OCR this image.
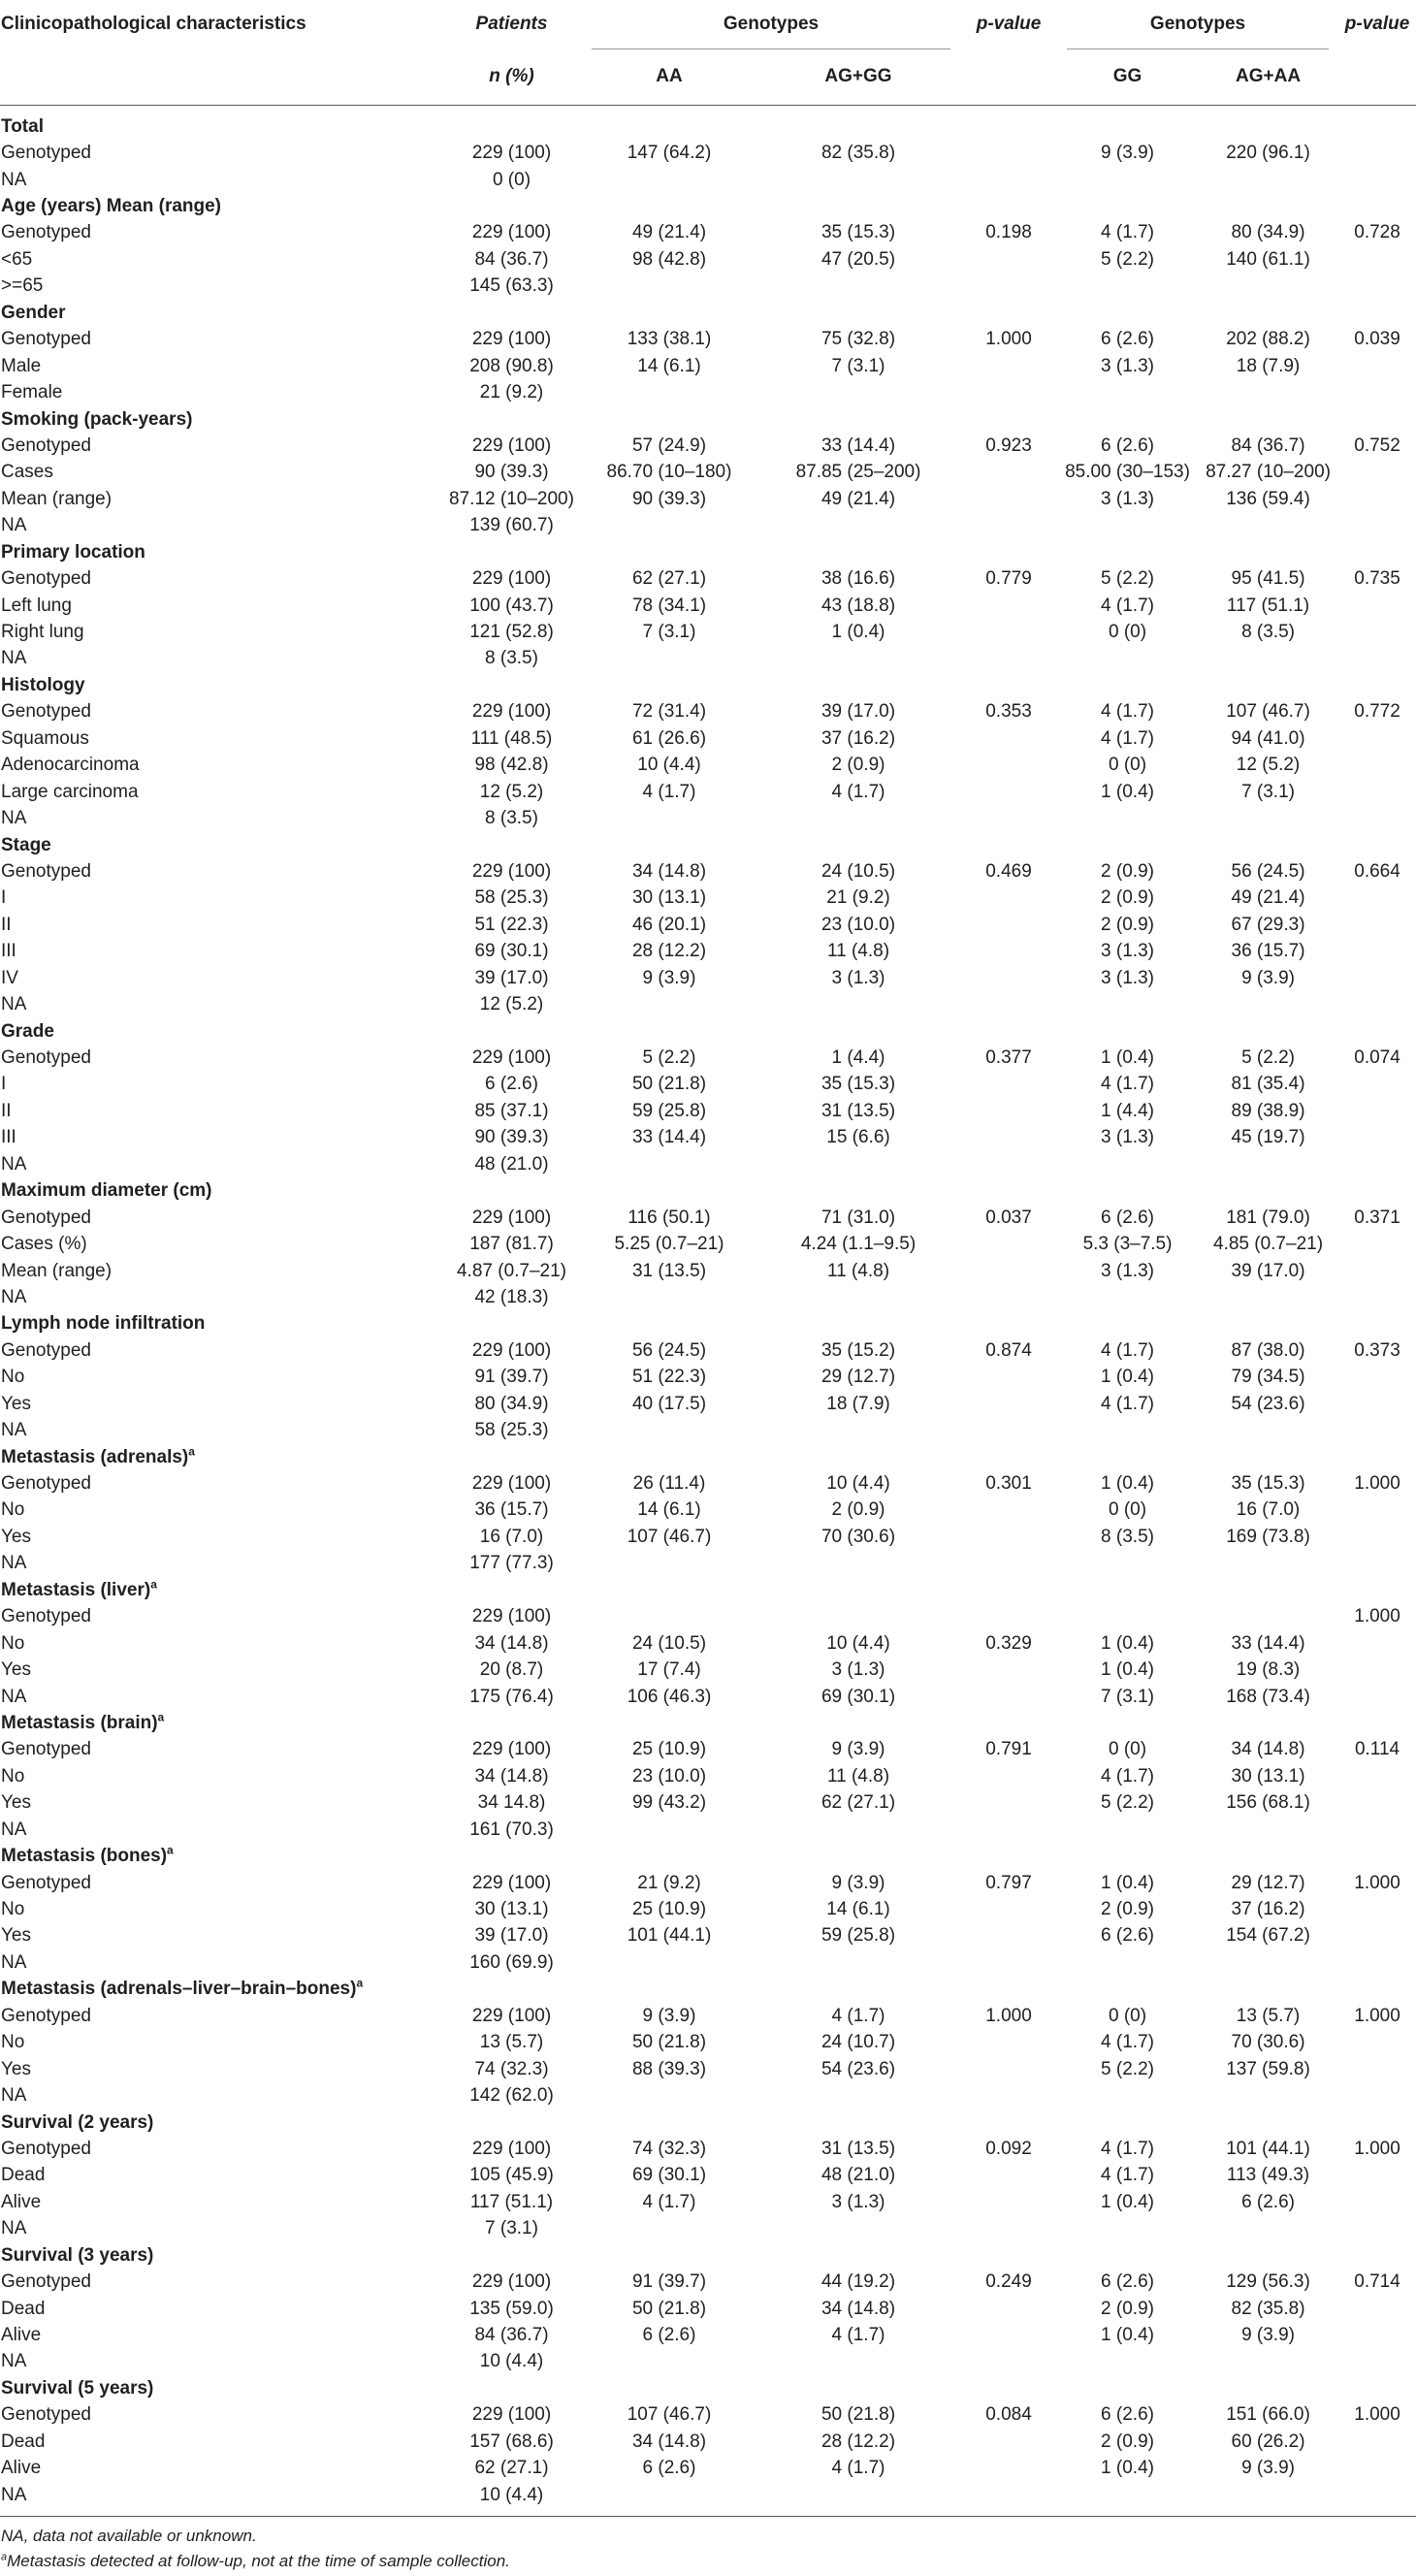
Clinicopathological characteristics	Patients	Genotypes		p-value	Genotypes		p-value
	n (%)	AA	AG+GG		GG	AG+AA	
Total							
Genotyped	229 (100)	147 (64.2)	82 (35.8)		9 (3.9)	220 (96.1)	
NA	0 (0)						
Age (years) Mean (range)							
Genotyped	229 (100)	49 (21.4)	35 (15.3)	0.198	4 (1.7)	80 (34.9)	0.728
<65	84 (36.7)	98 (42.8)	47 (20.5)		5 (2.2)	140 (61.1)	
>=65	145 (63.3)						
Gender							
Genotyped	229 (100)	133 (38.1)	75 (32.8)	1.000	6 (2.6)	202 (88.2)	0.039
Male	208 (90.8)	14 (6.1)	7 (3.1)		3 (1.3)	18 (7.9)	
Female	21 (9.2)						
Smoking (pack-years)							
Genotyped	229 (100)	57 (24.9)	33 (14.4)	0.923	6 (2.6)	84 (36.7)	0.752
Cases	90 (39.3)	86.70 (10–180)	87.85 (25–200)		85.00 (30–153)	87.27 (10–200)	
Mean (range)	87.12 (10–200)	90 (39.3)	49 (21.4)		3 (1.3)	136 (59.4)	
NA	139 (60.7)						
Primary location							
Genotyped	229 (100)	62 (27.1)	38 (16.6)	0.779	5 (2.2)	95 (41.5)	0.735
Left lung	100 (43.7)	78 (34.1)	43 (18.8)		4 (1.7)	117 (51.1)	
Right lung	121 (52.8)	7 (3.1)	1 (0.4)		0 (0)	8 (3.5)	
NA	8 (3.5)						
Histology							
Genotyped	229 (100)	72 (31.4)	39 (17.0)	0.353	4 (1.7)	107 (46.7)	0.772
Squamous	111 (48.5)	61 (26.6)	37 (16.2)		4 (1.7)	94 (41.0)	
Adenocarcinoma	98 (42.8)	10 (4.4)	2 (0.9)		0 (0)	12 (5.2)	
Large carcinoma	12 (5.2)	4 (1.7)	4 (1.7)		1 (0.4)	7 (3.1)	
NA	8 (3.5)						
Stage							
Genotyped	229 (100)	34 (14.8)	24 (10.5)	0.469	2 (0.9)	56 (24.5)	0.664
I	58 (25.3)	30 (13.1)	21 (9.2)		2 (0.9)	49 (21.4)	
II	51 (22.3)	46 (20.1)	23 (10.0)		2 (0.9)	67 (29.3)	
III	69 (30.1)	28 (12.2)	11 (4.8)		3 (1.3)	36 (15.7)	
IV	39 (17.0)	9 (3.9)	3 (1.3)		3 (1.3)	9 (3.9)	
NA	12 (5.2)						
Grade							
Genotyped	229 (100)	5 (2.2)	1 (4.4)	0.377	1 (0.4)	5 (2.2)	0.074
I	6 (2.6)	50 (21.8)	35 (15.3)		4 (1.7)	81 (35.4)	
II	85 (37.1)	59 (25.8)	31 (13.5)		1 (4.4)	89 (38.9)	
III	90 (39.3)	33 (14.4)	15 (6.6)		3 (1.3)	45 (19.7)	
NA	48 (21.0)						
Maximum diameter (cm)							
Genotyped	229 (100)	116 (50.1)	71 (31.0)	0.037	6 (2.6)	181 (79.0)	0.371
Cases (%)	187 (81.7)	5.25 (0.7–21)	4.24 (1.1–9.5)		5.3 (3–7.5)	4.85 (0.7–21)	
Mean (range)	4.87 (0.7–21)	31 (13.5)	11 (4.8)		3 (1.3)	39 (17.0)	
NA	42 (18.3)						
Lymph node infiltration							
Genotyped	229 (100)	56 (24.5)	35 (15.2)	0.874	4 (1.7)	87 (38.0)	0.373
No	91 (39.7)	51 (22.3)	29 (12.7)		1 (0.4)	79 (34.5)	
Yes	80 (34.9)	40 (17.5)	18 (7.9)		4 (1.7)	54 (23.6)	
NA	58 (25.3)						
Metastasis (adrenals)$^a$
Genotyped	229 (100)	26 (11.4)	10 (4.4)	0.301	1 (0.4)	35 (15.3)	1.000
No	36 (15.7)	14 (6.1)	2 (0.9)		0 (0)	16 (7.0)	
Yes	16 (7.0)	107 (46.7)	70 (30.6)		8 (3.5)	169 (73.8)	
NA	177 (77.3)						
Metastasis (liver)$^a$
Genotyped	229 (100)						1.000
No	34 (14.8)	24 (10.5)	10 (4.4)	0.329	1 (0.4)	33 (14.4)	
Yes	20 (8.7)	17 (7.4)	3 (1.3)		1 (0.4)	19 (8.3)	
NA	175 (76.4)	106 (46.3)	69 (30.1)		7 (3.1)	168 (73.4)	
Metastasis (brain)$^a$
Genotyped	229 (100)	25 (10.9)	9 (3.9)	0.791	0 (0)	34 (14.8)	0.114
No	34 (14.8)	23 (10.0)	11 (4.8)		4 (1.7)	30 (13.1)	
Yes	34 14.8)	99 (43.2)	62 (27.1)		5 (2.2)	156 (68.1)	
NA	161 (70.3)						
Metastasis (bones)$^a$
Genotyped	229 (100)	21 (9.2)	9 (3.9)	0.797	1 (0.4)	29 (12.7)	1.000
No	30 (13.1)	25 (10.9)	14 (6.1)		2 (0.9)	37 (16.2)	
Yes	39 (17.0)	101 (44.1)	59 (25.8)		6 (2.6)	154 (67.2)	
NA	160 (69.9)						
Metastasis (adrenals–liver–brain–bones)$^a$
Genotyped	229 (100)	9 (3.9)	4 (1.7)	1.000	0 (0)	13 (5.7)	1.000
No	13 (5.7)	50 (21.8)	24 (10.7)		4 (1.7)	70 (30.6)	
Yes	74 (32.3)	88 (39.3)	54 (23.6)		5 (2.2)	137 (59.8)	
NA	142 (62.0)						
Survival (2 years)							
Genotyped	229 (100)	74 (32.3)	31 (13.5)	0.092	4 (1.7)	101 (44.1)	1.000
Dead	105 (45.9)	69 (30.1)	48 (21.0)		4 (1.7)	113 (49.3)	
Alive	117 (51.1)	4 (1.7)	3 (1.3)		1 (0.4)	6 (2.6)	
NA	7 (3.1)						
Survival (3 years)							
Genotyped	229 (100)	91 (39.7)	44 (19.2)	0.249	6 (2.6)	129 (56.3)	0.714
Dead	135 (59.0)	50 (21.8)	34 (14.8)		2 (0.9)	82 (35.8)	
Alive	84 (36.7)	6 (2.6)	4 (1.7)		1 (0.4)	9 (3.9)	
NA	10 (4.4)						
Survival (5 years)							
Genotyped	229 (100)	107 (46.7)	50 (21.8)	0.084	6 (2.6)	151 (66.0)	1.000
Dead	157 (68.6)	34 (14.8)	28 (12.2)		2 (0.9)	60 (26.2)	
Alive	62 (27.1)	6 (2.6)	4 (1.7)		1 (0.4)	9 (3.9)	
NA	10 (4.4)						
NA, data not available or unknown.
$^a$Metastasis detected at follow-up, not at the time of sample collection.
